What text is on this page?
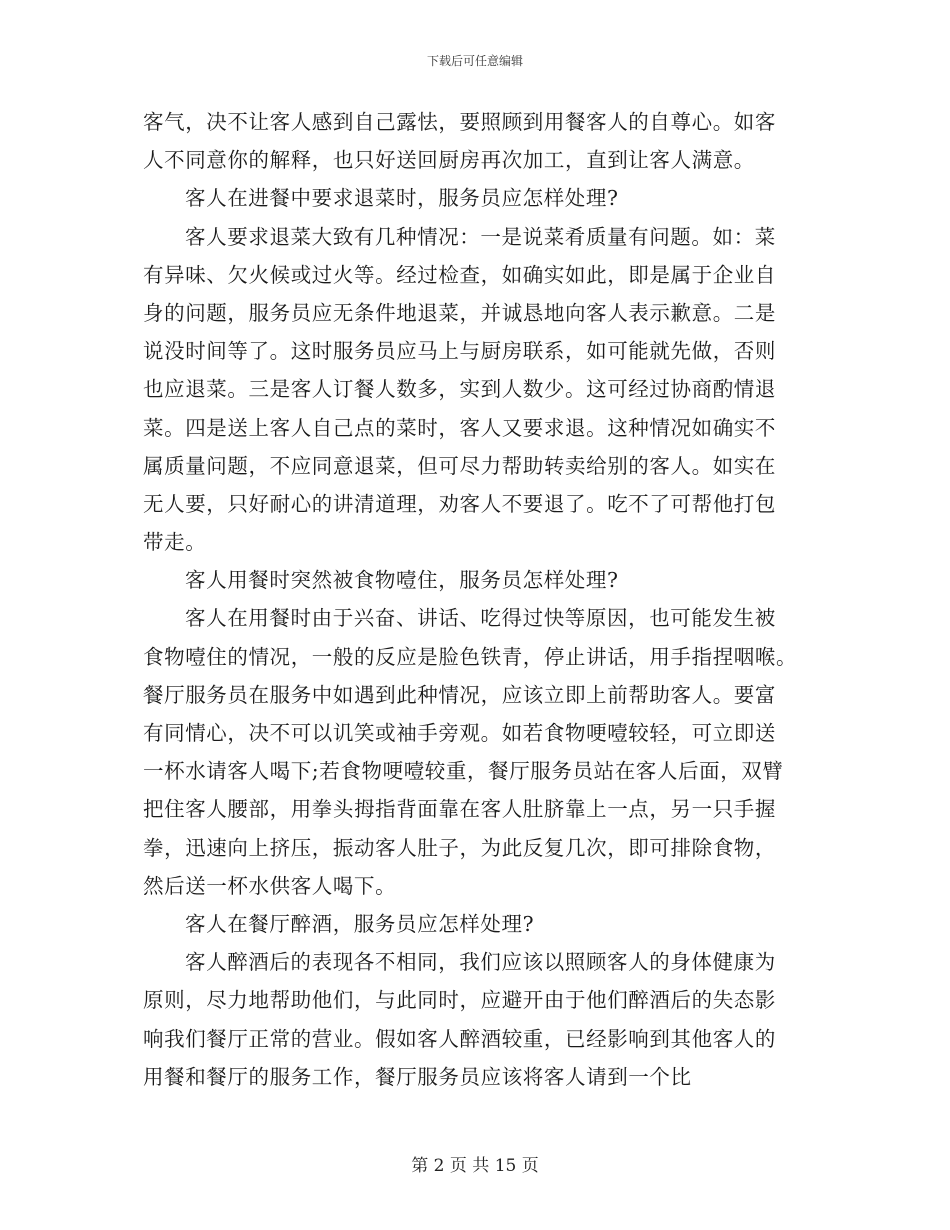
下载后可任意编辑
客气，决不让客人感到自己露怯，要照顾到用餐客人的自尊心。如客
人不同意你的解释，也只好送回厨房再次加工，直到让客人满意。
客人在进餐中要求退菜时，服务员应怎样处理?
客人要求退菜大致有几种情况：一是说菜肴质量有问题。如：菜
有异味、欠火候或过火等。经过检查，如确实如此，即是属于企业自
身的问题，服务员应无条件地退菜，并诚恳地向客人表示歉意。二是
说没时间等了。这时服务员应马上与厨房联系，如可能就先做，否则
也应退菜。三是客人订餐人数多，实到人数少。这可经过协商酌情退
菜。四是送上客人自己点的菜时，客人又要求退。这种情况如确实不
属质量问题，不应同意退菜，但可尽力帮助转卖给别的客人。如实在
无人要，只好耐心的讲清道理，劝客人不要退了。吃不了可帮他打包
带走。
客人用餐时突然被食物噎住，服务员怎样处理?
客人在用餐时由于兴奋、讲话、吃得过快等原因，也可能发生被
食物噎住的情况，一般的反应是脸色铁青，停止讲话，用手指捏咽喉。
餐厅服务员在服务中如遇到此种情况，应该立即上前帮助客人。要富
有同情心，决不可以讥笑或袖手旁观。如若食物哽噎较轻，可立即送
一杯水请客人喝下;若食物哽噎较重，餐厅服务员站在客人后面，双臂
把住客人腰部，用拳头拇指背面靠在客人肚脐靠上一点，另一只手握
拳，迅速向上挤压，振动客人肚子，为此反复几次，即可排除食物，
然后送一杯水供客人喝下。
客人在餐厅醉酒，服务员应怎样处理?
客人醉酒后的表现各不相同，我们应该以照顾客人的身体健康为
原则，尽力地帮助他们，与此同时，应避开由于他们醉酒后的失态影
响我们餐厅正常的营业。假如客人醉酒较重，已经影响到其他客人的
用餐和餐厅的服务工作，餐厅服务员应该将客人请到一个比
第 2 页 共 15 页
